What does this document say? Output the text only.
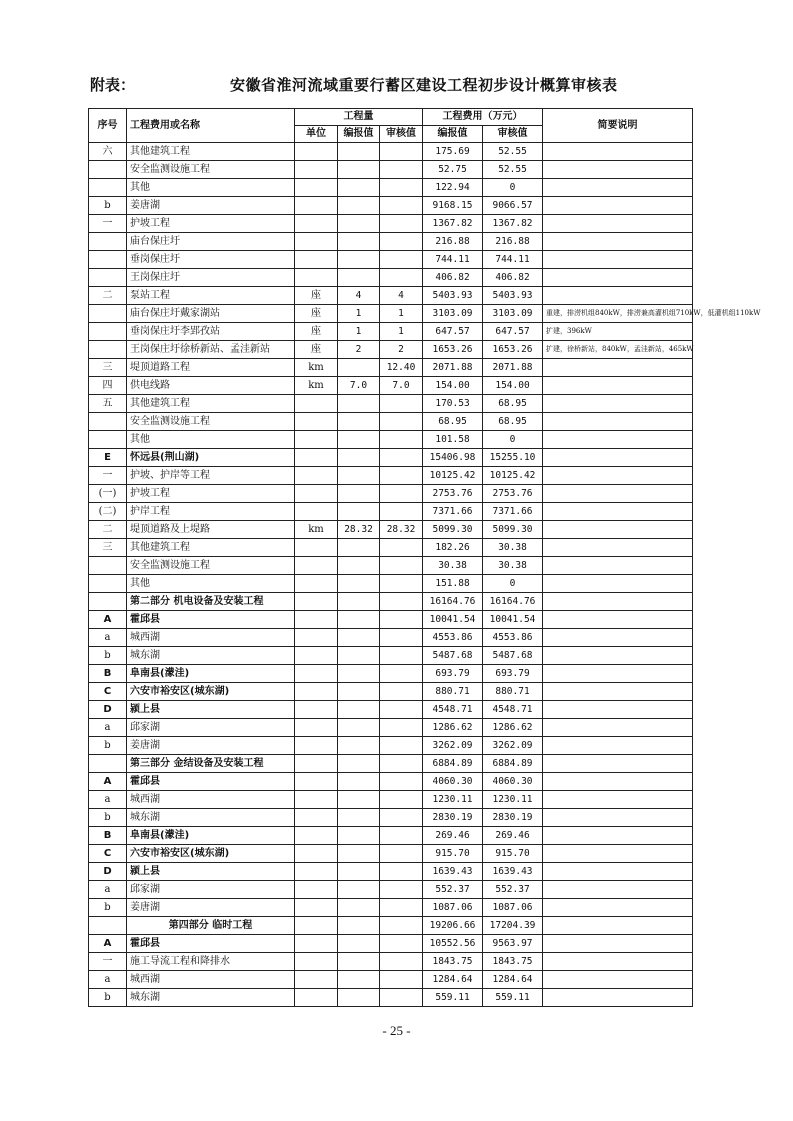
附表：	安徽省淮河流域重要行蓄区建设工程初步设计概算审核表
序号	工程费用或名称	工程量			工程费用（万元）		简要说明
		单位	编报值	审核值	编报值	审核值	
六	其他建筑工程				175.69	52.55	
	安全监测设施工程				52.75	52.55	
	其他				122.94	0	
b	姜唐湖				9168.15	9066.57	
一	护坡工程				1367.82	1367.82	
	庙台保庄圩				216.88	216.88	
	垂岗保庄圩				744.11	744.11	
	王岗保庄圩				406.82	406.82	
二	泵站工程	座	4	4	5403.93	5403.93	
	庙台保庄圩戴家湖站	座	1	1	3103.09	3103.09	重建，排涝机组840kW，排涝兼高灌机组710kW，低灌机组110kW
	垂岗保庄圩李郢孜站	座	1	1	647.57	647.57	扩建，396kW
	王岗保庄圩徐桥新站、孟洼新站	座	2	2	1653.26	1653.26	扩建，徐桥新站，840kW，孟洼新站，465kW
三	堤顶道路工程	km		12.40	2071.88	2071.88	
四	供电线路	km	7.0	7.0	154.00	154.00	
五	其他建筑工程				170.53	68.95	
	安全监测设施工程				68.95	68.95	
	其他				101.58	0	
E	怀远县(荆山湖)				15406.98	15255.10	
一	护坡、护岸等工程				10125.42	10125.42	
(一)	护坡工程				2753.76	2753.76	
(二)	护岸工程				7371.66	7371.66	
二	堤顶道路及上堤路	km	28.32	28.32	5099.30	5099.30	
三	其他建筑工程				182.26	30.38	
	安全监测设施工程				30.38	30.38	
	其他				151.88	0	
	第二部分 机电设备及安装工程				16164.76	16164.76	
A	霍邱县				10041.54	10041.54	
a	城西湖				4553.86	4553.86	
b	城东湖				5487.68	5487.68	
B	阜南县(濛洼)				693.79	693.79	
C	六安市裕安区(城东湖)				880.71	880.71	
D	颍上县				4548.71	4548.71	
a	邱家湖				1286.62	1286.62	
b	姜唐湖				3262.09	3262.09	
	第三部分 金结设备及安装工程				6884.89	6884.89	
A	霍邱县				4060.30	4060.30	
a	城西湖				1230.11	1230.11	
b	城东湖				2830.19	2830.19	
B	阜南县(濛洼)				269.46	269.46	
C	六安市裕安区(城东湖)				915.70	915.70	
D	颍上县				1639.43	1639.43	
a	邱家湖				552.37	552.37	
b	姜唐湖				1087.06	1087.06	
	第四部分 临时工程				19206.66	17204.39	
A	霍邱县				10552.56	9563.97	
一	施工导流工程和降排水				1843.75	1843.75	
a	城西湖				1284.64	1284.64	
b	城东湖				559.11	559.11	
- 25 -
